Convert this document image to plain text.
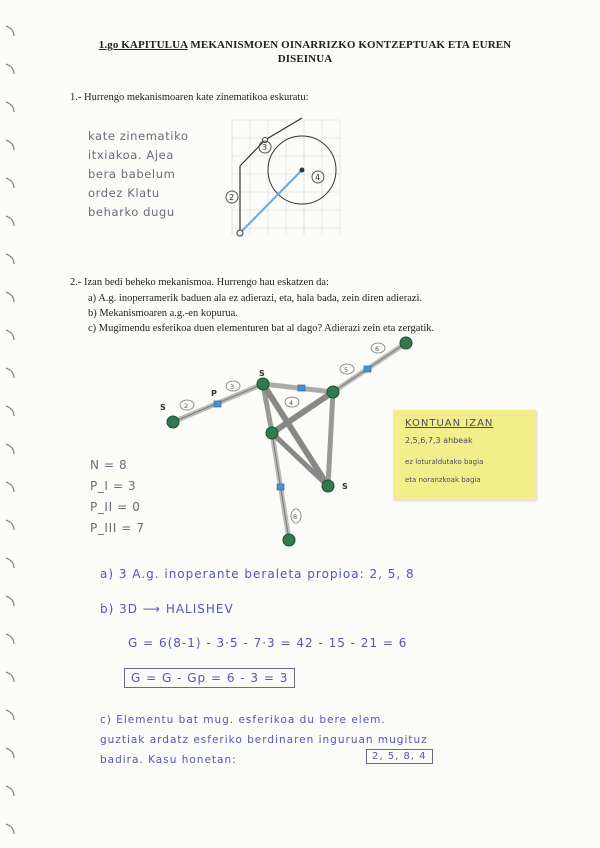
1.go KAPITULUA MEKANISMOEN OINARRIZKO KONTZEPTUAK ETA EUREN
DISEINUA
1.- Hurrengo mekanismoaren kate zinematikoa eskuratu:
kate zinematiko
itxiakoa. Ajea
bera babelum
ordez Klatu
beharko dugu
3
2
4
2.- Izan bedi beheko mekanismoa. Hurrengo hau eskatzen da:
a) A.g. inoperramerik baduen ala ez adierazi, eta, hala bada, zein diren adierazi.
b) Mekanismoaren a.g.-en kopurua.
c) Mugimendu esferikoa duen elementuren bat al dago? Adierazi zein eta zergatik.
S
P
S
S
2
3
4
5
6
8
N = 8
P_I = 3
P_II = 0
P_III = 7
KONTUAN IZAN
2,5,6,7,3 ahbeak
ez loturaldutako bagia
eta noranzkoak bagia
a) 3 A.g. inoperante beraleta propioa: 2, 5, 8
b) 3D ⟶ HALISHEV
G = 6(8-1) - 3·5 - 7·3 = 42 - 15 - 21 = 6
G = G - Gp = 6 - 3 = 3
c) Elementu bat mug. esferikoa du bere elem.
guztiak ardatz esferiko berdinaren inguruan mugituz
badira. Kasu honetan:	2, 5, 8, 4
